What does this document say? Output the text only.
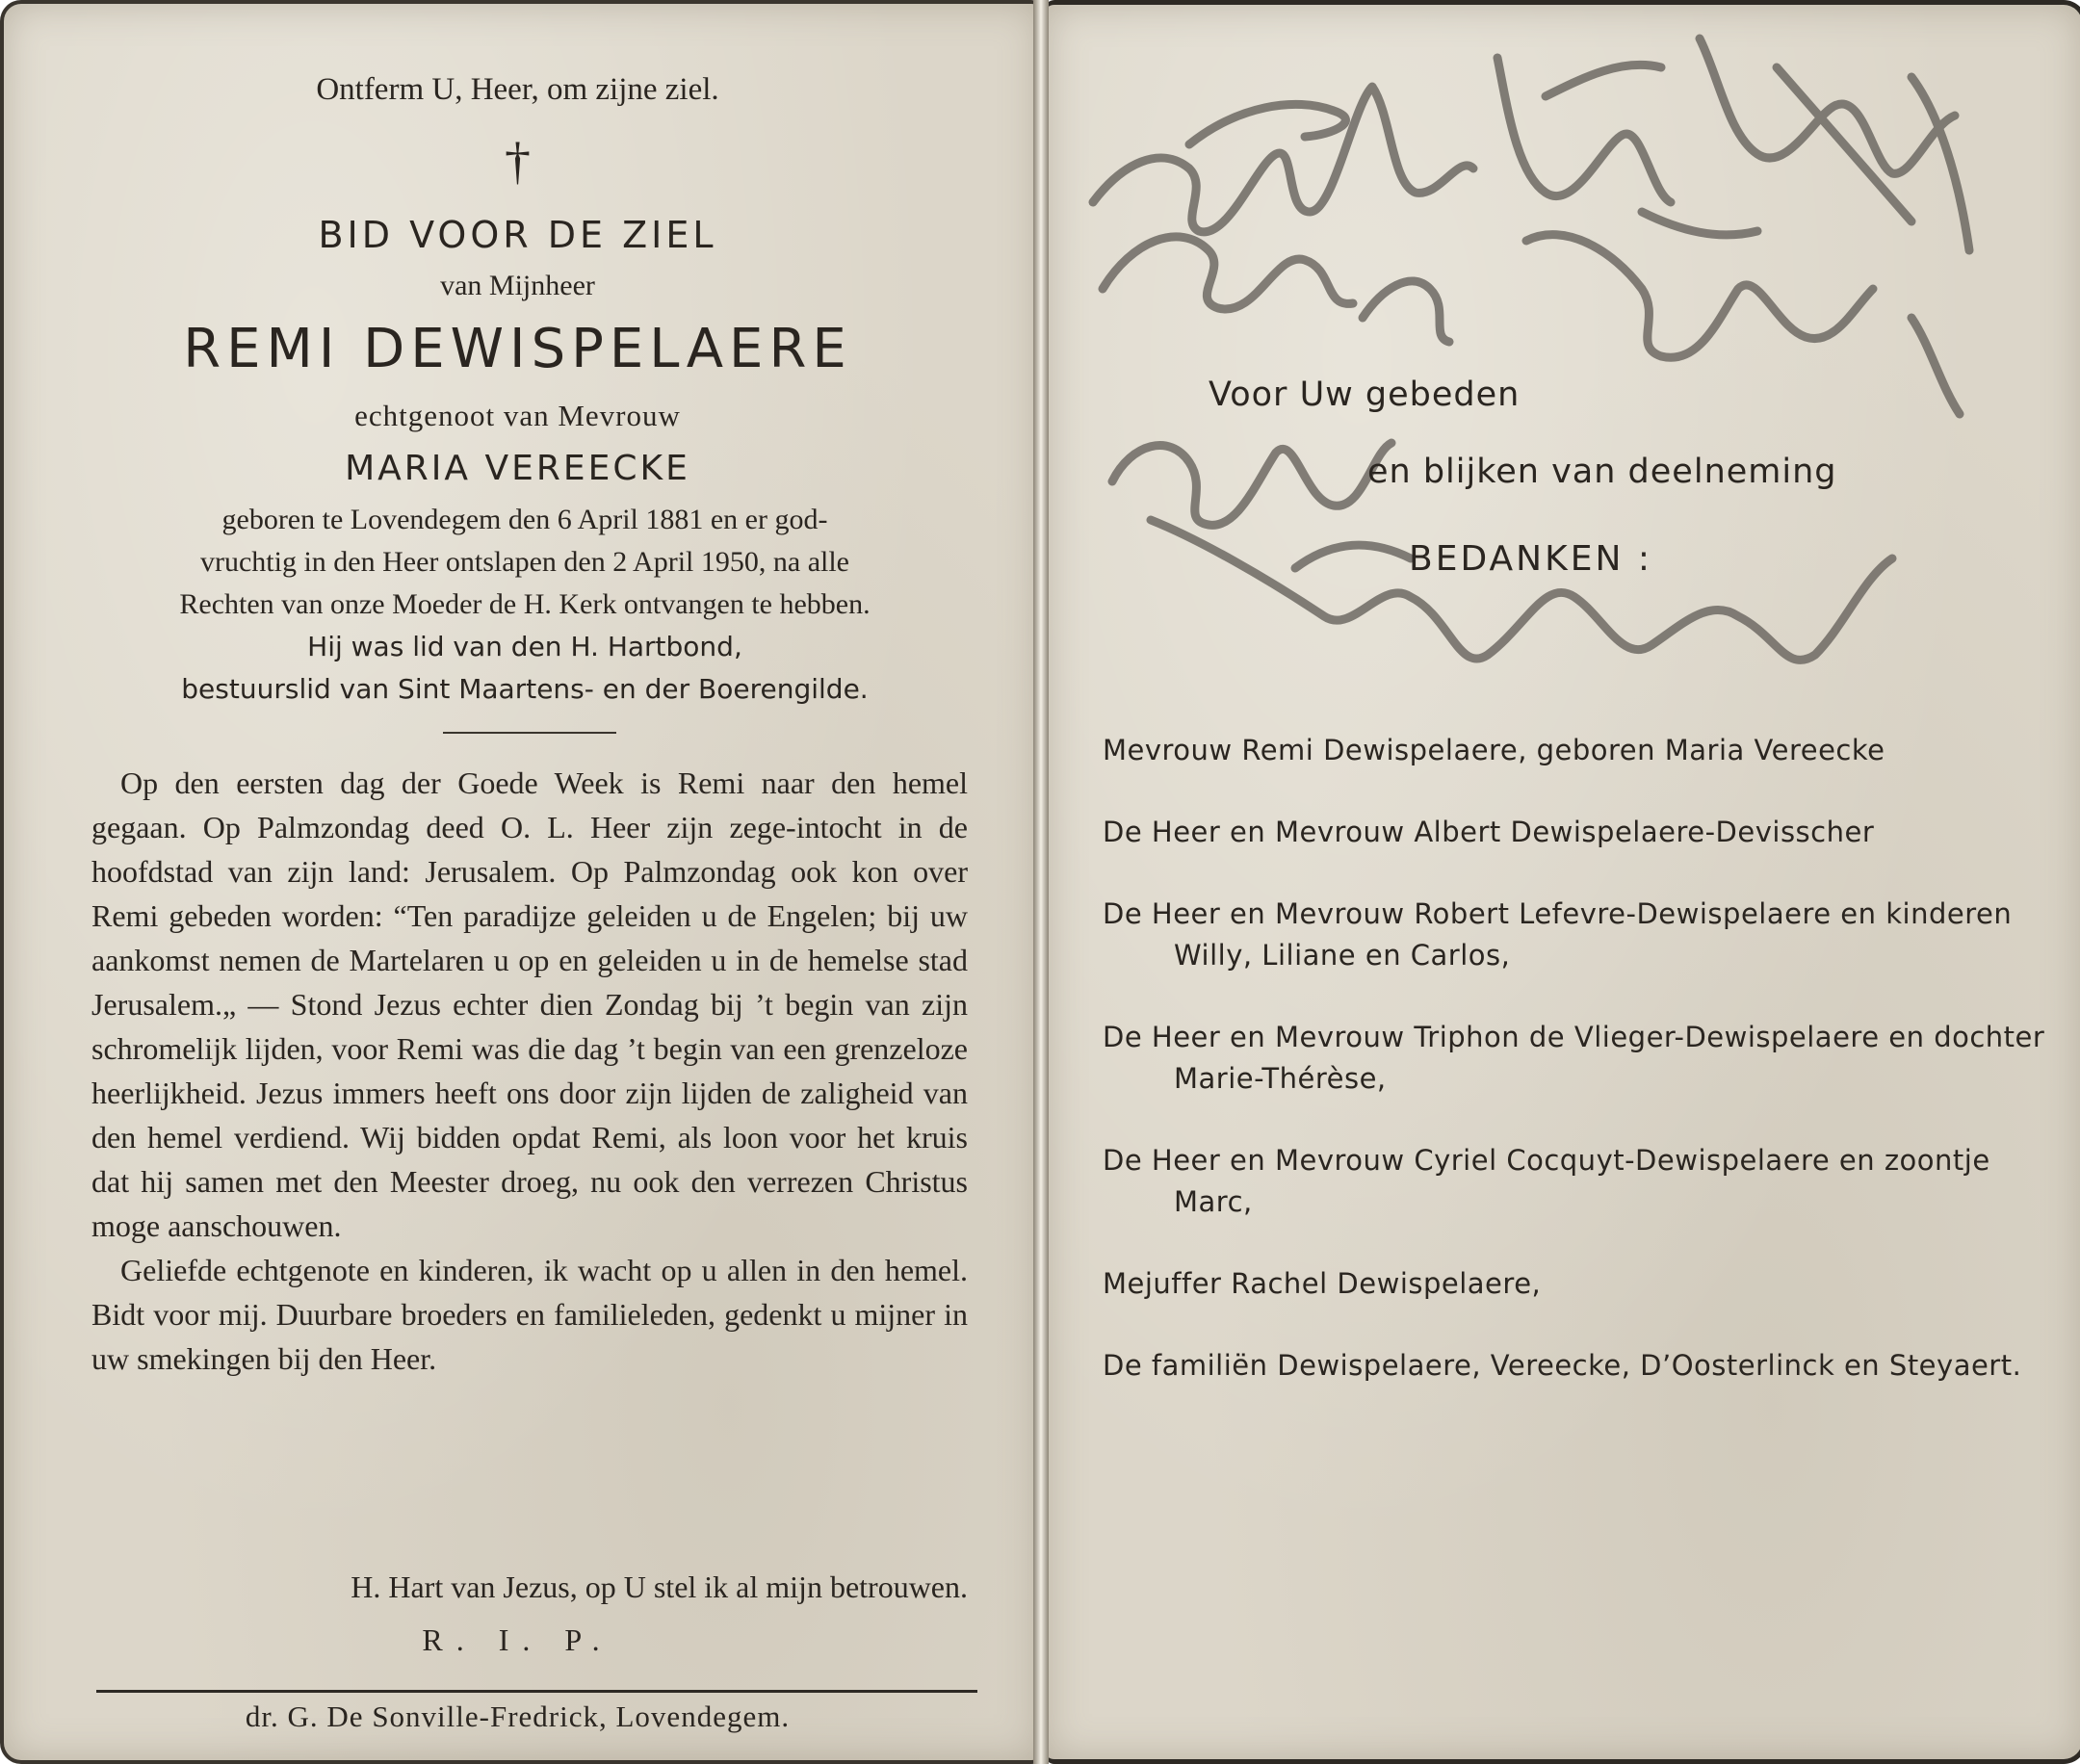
Ontferm U, Heer, om zijne ziel.
†
BID VOOR DE ZIEL
van Mijnheer
REMI DEWISPELAERE
echtgenoot van Mevrouw
MARIA VEREECKE

geboren te Lovendegem den 6 April 1881 en er god-

vruchtig in den Heer ontslapen den 2 April 1950, na alle

Rechten van onze Moeder de H. Kerk ontvangen te hebben.

Hij was lid van den H. Hartbond,

bestuurslid van Sint Maartens- en der Boerengilde.

Op den eersten dag der Goede Week is Remi naar den hemel gegaan. Op Palmzondag deed O. L. Heer zijn zege-intocht in de hoofdstad van zijn land: Jerusalem. Op Palmzondag ook kon over Remi gebeden worden: “Ten paradijze geleiden u de Engelen; bij uw aankomst nemen de Martelaren u op en geleiden u in de hemelse stad Jerusalem.„ — Stond Jezus echter dien Zondag bij ’t begin van zijn schromelijk lijden, voor Remi was die dag ’t begin van een grenzeloze heerlijkheid. Jezus immers heeft ons door zijn lijden de zaligheid van den hemel verdiend. Wij bidden opdat Remi, als loon voor het kruis dat hij samen met den Meester droeg, nu ook den verrezen Christus moge aanschouwen.

Geliefde echtgenote en kinderen, ik wacht op u allen in den hemel. Bidt voor mij. Duurbare broeders en familieleden, gedenkt u mijner in uw smekingen bij den Heer.

H. Hart van Jezus, op U stel ik al mijn betrouwen.
R. I. P.
dr. G. De Sonville-Fredrick, Lovendegem.
Voor Uw gebeden
en blijken van deelneming
BEDANKEN :

Mevrouw Remi Dewispelaere, geboren Maria Vereecke

De Heer en Mevrouw Albert Dewispelaere-Devisscher

De Heer en Mevrouw Robert Lefevre-Dewispelaere en kinderen Willy, Liliane en Carlos,

De Heer en Mevrouw Triphon de Vlieger-Dewispelaere en dochter Marie-Thérèse,

De Heer en Mevrouw Cyriel Cocquyt-Dewispelaere en zoontje Marc,

Mejuffer Rachel Dewispelaere,

De familiën Dewispelaere, Vereecke, D’Oosterlinck en Steyaert.
